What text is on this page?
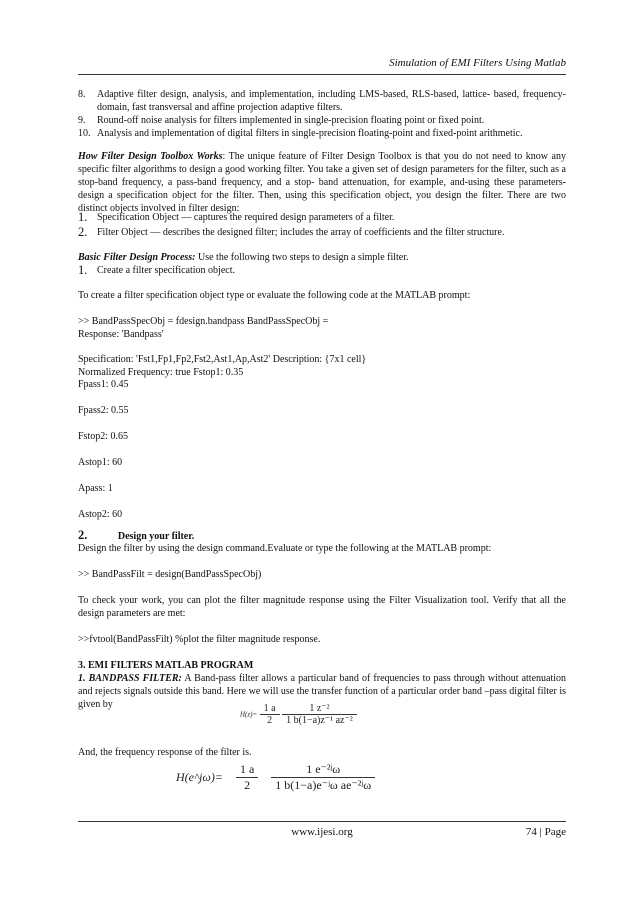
Simulation of EMI Filters Using Matlab
8. Adaptive filter design, analysis, and implementation, including LMS-based, RLS-based, lattice- based, frequency-domain, fast transversal and affine projection adaptive filters.
9. Round-off noise analysis for filters implemented in single-precision floating point or fixed point.
10. Analysis and implementation of digital filters in single-precision floating-point and fixed-point arithmetic.
How Filter Design Toolbox Works: The unique feature of Filter Design Toolbox is that you do not need to know any specific filter algorithms to design a good working filter. You take a given set of design parameters for the filter, such as a stop-band frequency, a pass-band frequency, and a stop- band attenuation, for example, and-using these parameters-design a specification object for the filter. Then, using this specification object, you design the filter. There are two distinct objects involved in filter design:
1. Specification Object — captures the required design parameters of a filter.
2. Filter Object — describes the designed filter; includes the array of coefficients and the filter structure.
Basic Filter Design Process: Use the following two steps to design a simple filter.
1. Create a filter specification object.
To create a filter specification object type or evaluate the following code at the MATLAB prompt:
>> BandPassSpecObj = fdesign.bandpass BandPassSpecObj =
Response: 'Bandpass'
Specification: 'Fst1,Fp1,Fp2,Fst2,Ast1,Ap,Ast2' Description: {7x1 cell}
Normalized Frequency: true Fstop1: 0.35
Fpass1: 0.45
Fpass2: 0.55
Fstop2: 0.65
Astop1: 60
Apass: 1
Astop2: 60
2.	Design your filter.
Design the filter by using the design command.Evaluate or type the following at the MATLAB prompt:
>> BandPassFilt = design(BandPassSpecObj)
To check your work, you can plot the filter magnitude response using the Filter Visualization tool. Verify that all the design parameters are met:
>>fvtool(BandPassFilt) %plot the filter magnitude response.
3. EMI FILTERS MATLAB PROGRAM
1. BANDPASS FILTER: A Band-pass filter allows a particular band of frequencies to pass through without attenuation and rejects signals outside this band. Here we will use the transfer function of a particular order band –pass digital filter is given by
$H(z)= \frac{1 a}{2}$
$\frac{\text{1 z⁻²}}{\text{1 b(1−a)z⁻¹ az⁻²}}$
And, the frequency response of the filter is.
H(e^jω)= $\frac{1 a}{2}$
$\frac{\text{1 e⁻²ʲω}}{\text{1 b(1−a)e⁻ʲω ae⁻²ʲω}}$
www.ijesi.org	74 | Page
